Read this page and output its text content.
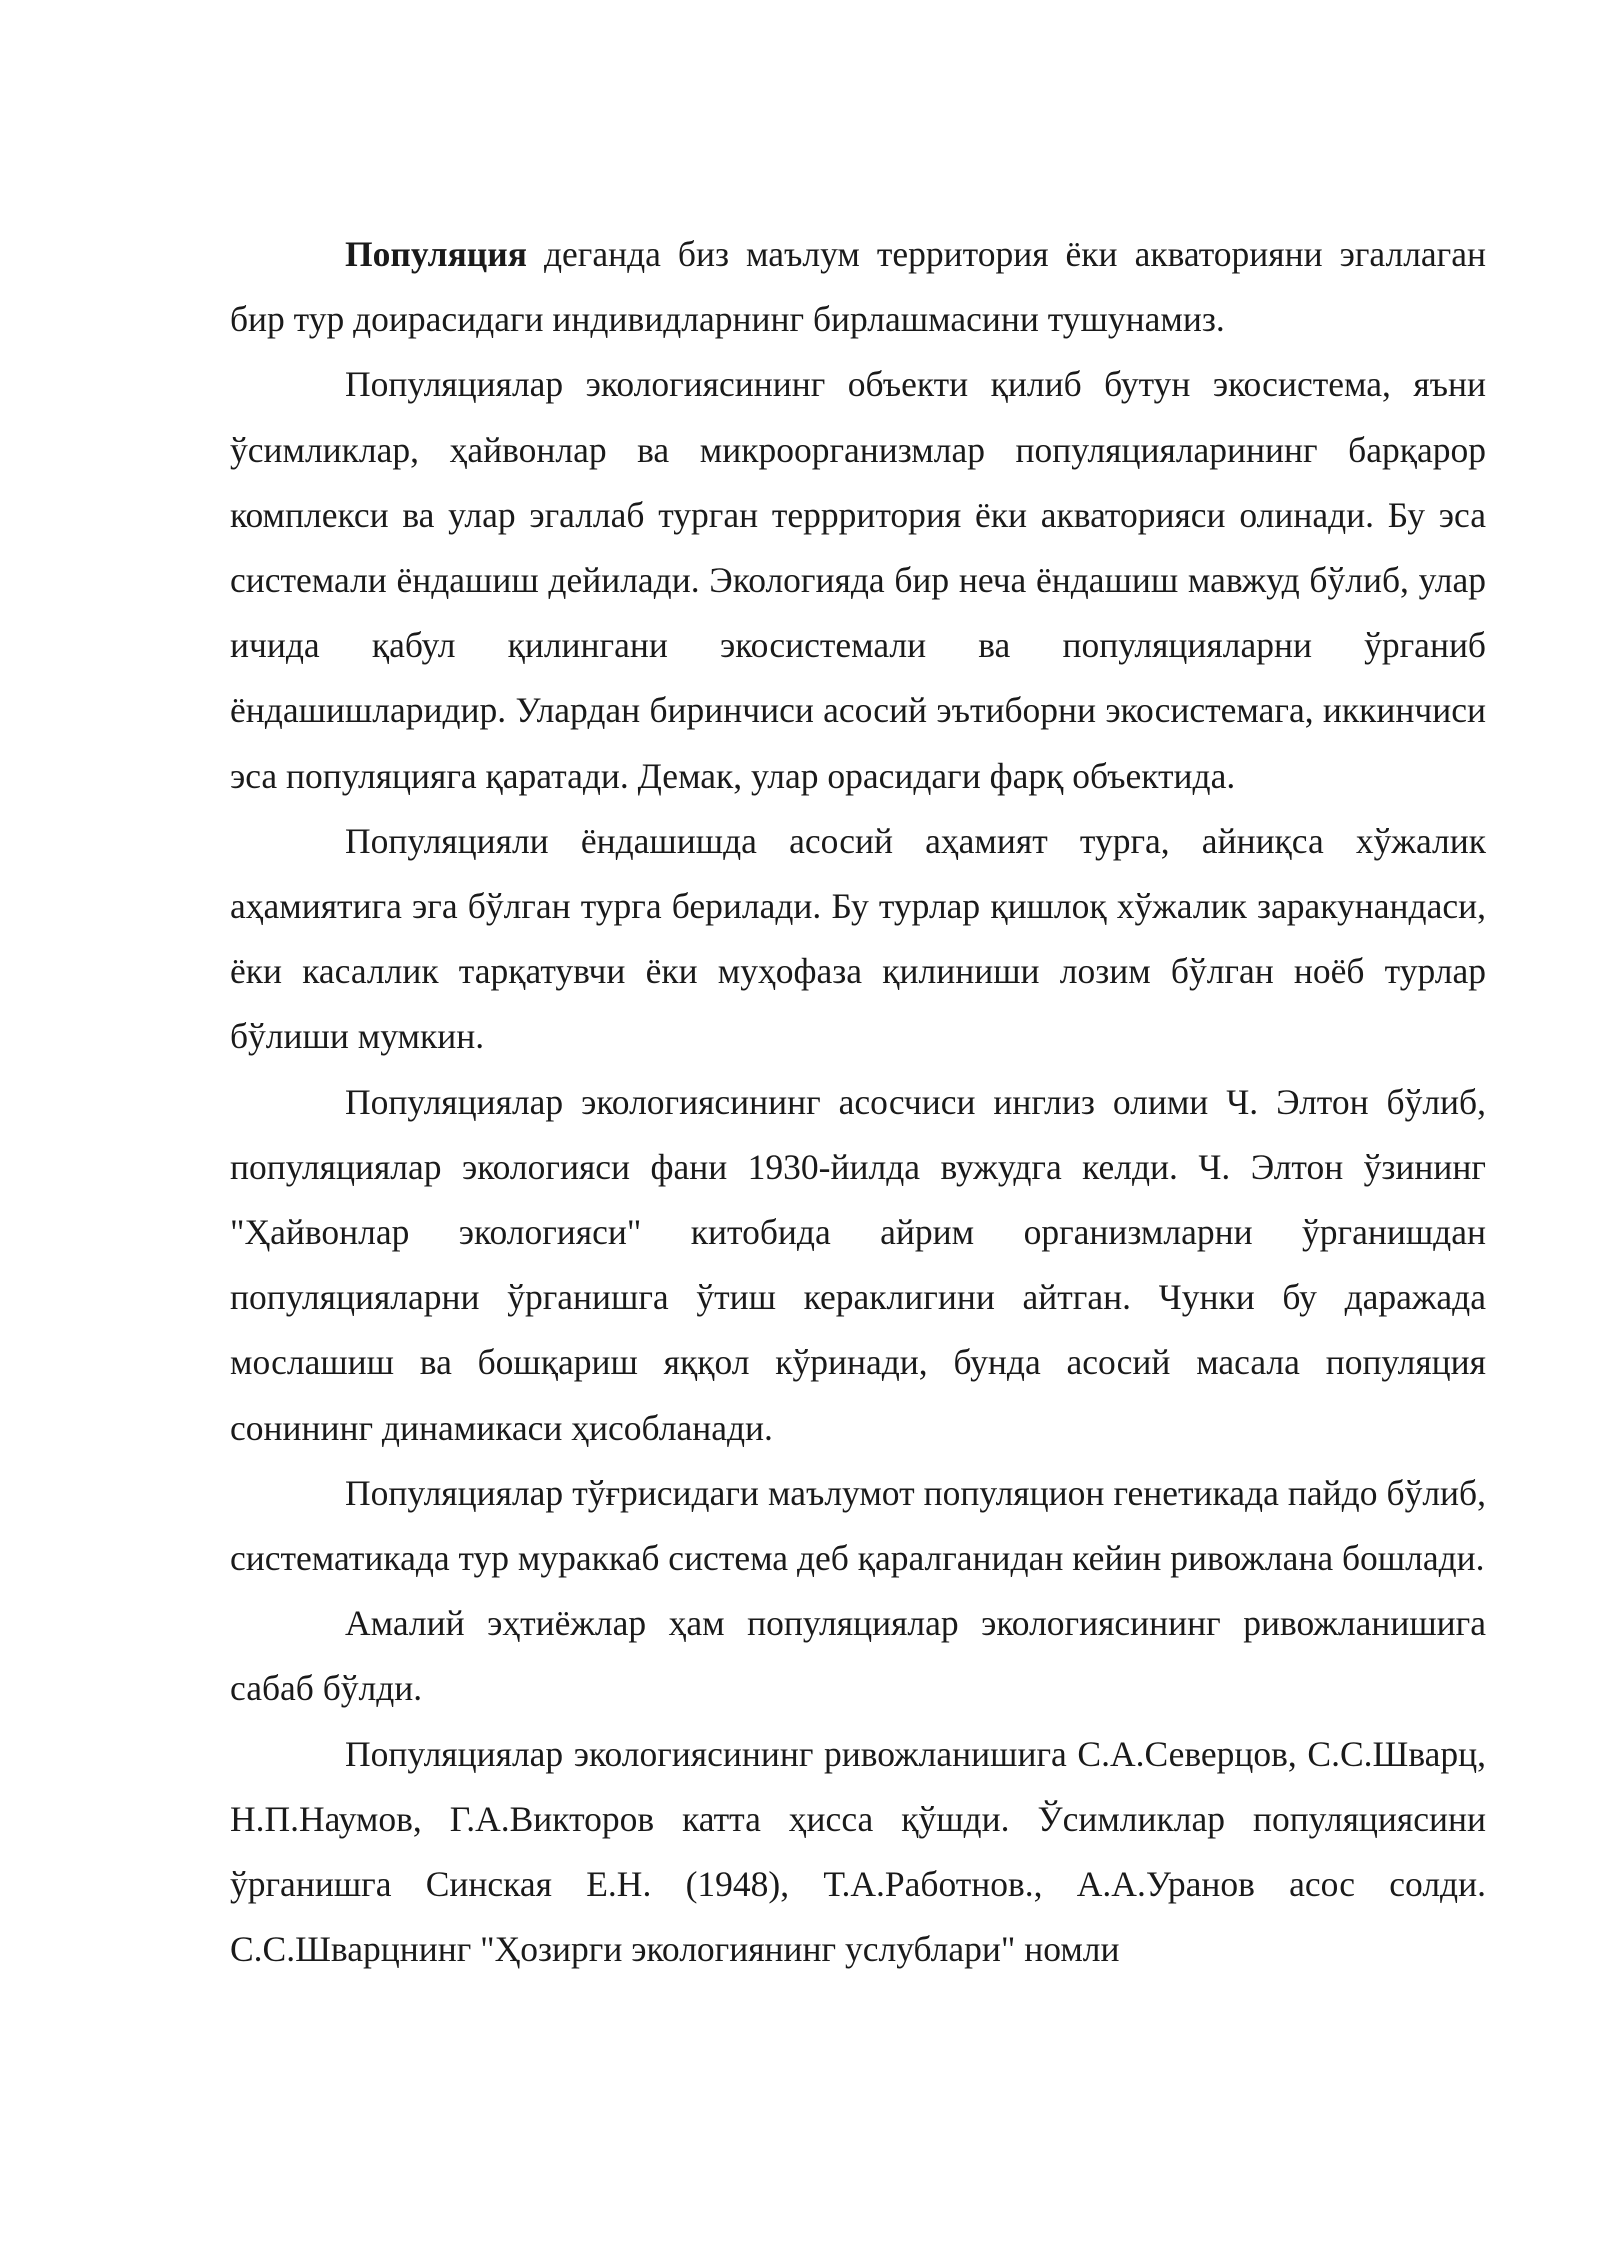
Популяция деганда биз маълум территория ёки акваторияни эгаллаган бир тур доирасидаги индивидларнинг бирлашмасини тушунамиз.

Популяциялар экологиясининг объекти қилиб бутун экосистема, яъни ўсимликлар, ҳайвонлар ва микроорганизмлар популяцияларининг барқарор комплекси ва улар эгаллаб турган террритория ёки акваторияси олинади. Бу эса системали ёндашиш дейилади. Экологияда бир неча ёндашиш мавжуд бўлиб, улар ичида қабул қилингани экосистемали ва популяцияларни ўрганиб ёндашишларидир. Улардан биринчиси асосий эътиборни экосистемага, иккинчиси эса популяцияга қаратади. Демак, улар орасидаги фарқ объектида.

Популяцияли ёндашишда асосий аҳамият турга, айниқса хўжалик аҳамиятига эга бўлган турга берилади. Бу турлар қишлоқ хўжалик заракунандаси, ёки касаллик тарқатувчи ёки муҳофаза қилиниши лозим бўлган ноёб турлар бўлиши мумкин.

Популяциялар экологиясининг асосчиси инглиз олими Ч. Элтон бўлиб, популяциялар экологияси фани 1930-йилда вужудга келди. Ч. Элтон ўзининг "Ҳайвонлар экологияси" китобида айрим организмларни ўрганишдан популяцияларни ўрганишга ўтиш кераклигини айтган. Чунки бу даражада мослашиш ва бошқариш яққол кўринади, бунда асосий масала популяция сонининг динамикаси ҳисобланади.

Популяциялар тўғрисидаги маълумот популяцион генетикада пайдо бўлиб, систематикада тур мураккаб система деб қаралганидан кейин ривожлана бошлади.

Амалий эҳтиёжлар ҳам популяциялар экологиясининг ривожланишига сабаб бўлди.

Популяциялар экологиясининг ривожланишига С.А.Северцов, С.С.Шварц, Н.П.Наумов, Г.А.Викторов катта ҳисса қўшди. Ўсимликлар популяциясини ўрганишга Синская Е.Н. (1948), Т.А.Работнов., А.А.Уранов асос солди. С.С.Шварцнинг "Ҳозирги экологиянинг услублари" номли
